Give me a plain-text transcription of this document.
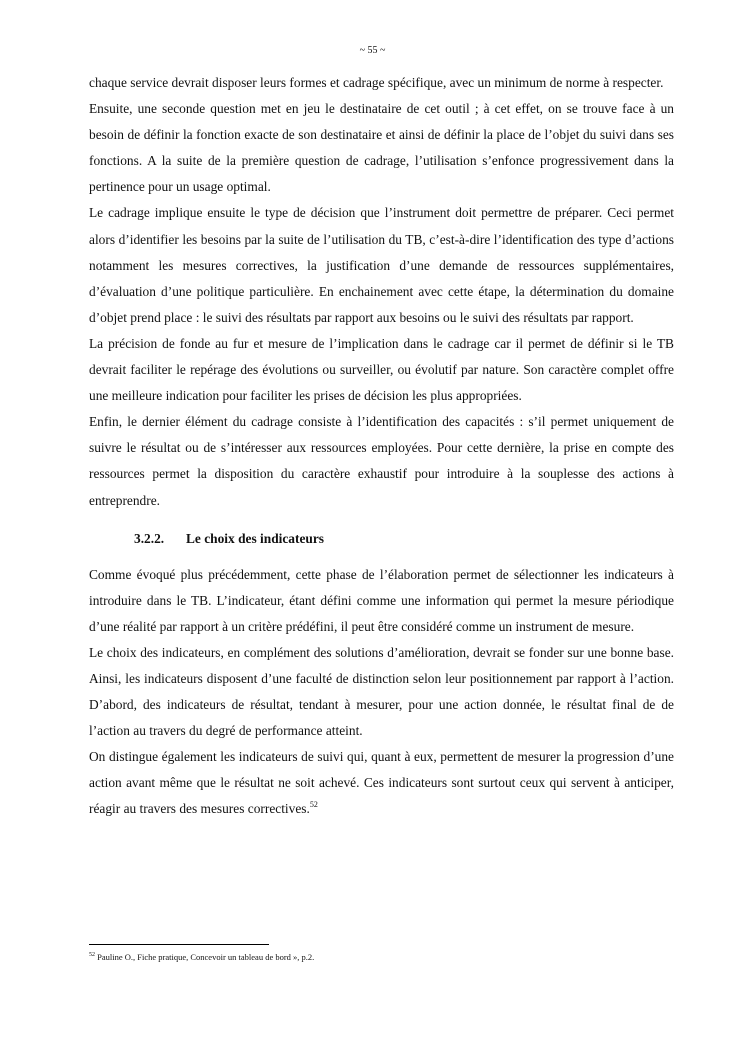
~ 55 ~

chaque service devrait disposer leurs formes et cadrage spécifique, avec un minimum de norme à respecter.

Ensuite, une seconde question met en jeu le destinataire de cet outil ; à cet effet, on se trouve face à un besoin de définir la fonction exacte de son destinataire et ainsi de définir la place de l’objet du suivi dans ses fonctions. A la suite de la première question de cadrage, l’utilisation s’enfonce progressivement dans la pertinence pour un usage optimal.

Le cadrage implique ensuite le type de décision que l’instrument doit permettre de préparer. Ceci permet alors d’identifier les besoins par la suite de l’utilisation du TB, c’est-à-dire l’identification des type d’actions notamment les mesures correctives, la justification d’une demande de ressources supplémentaires, d’évaluation d’une politique particulière. En enchainement avec cette étape, la détermination du domaine d’objet prend place : le suivi des résultats par rapport aux besoins ou le suivi des résultats par rapport.

La précision de fonde au fur et mesure de l’implication dans le cadrage car il permet de définir si le TB devrait faciliter le repérage des évolutions ou surveiller, ou évolutif par nature. Son caractère complet offre une meilleure indication pour faciliter les prises de décision les plus appropriées.

Enfin, le dernier élément du cadrage consiste à l’identification des capacités : s’il permet uniquement de suivre le résultat ou de s’intéresser aux ressources employées. Pour cette dernière, la prise en compte des ressources permet la disposition du caractère exhaustif pour introduire à la souplesse des actions à entreprendre.

3.2.2. Le choix des indicateurs

Comme évoqué plus précédemment, cette phase de l’élaboration permet de sélectionner les indicateurs à introduire dans le TB. L’indicateur, étant défini comme une information qui permet la mesure périodique d’une réalité par rapport à un critère prédéfini, il peut être considéré comme un instrument de mesure.

Le choix des indicateurs, en complément des solutions d’amélioration, devrait se fonder sur une bonne base. Ainsi, les indicateurs disposent d’une faculté de distinction selon leur positionnement par rapport à l’action. D’abord, des indicateurs de résultat, tendant à mesurer, pour une action donnée, le résultat final de de l’action au travers du degré de performance atteint.

On distingue également les indicateurs de suivi qui, quant à eux, permettent de mesurer la progression d’une action avant même que le résultat ne soit achevé. Ces indicateurs sont surtout ceux qui servent à anticiper, réagir au travers des mesures correctives.$^{52}$

$^{52}$ Pauline O., Fiche pratique, Concevoir un tableau de bord », p.2.
